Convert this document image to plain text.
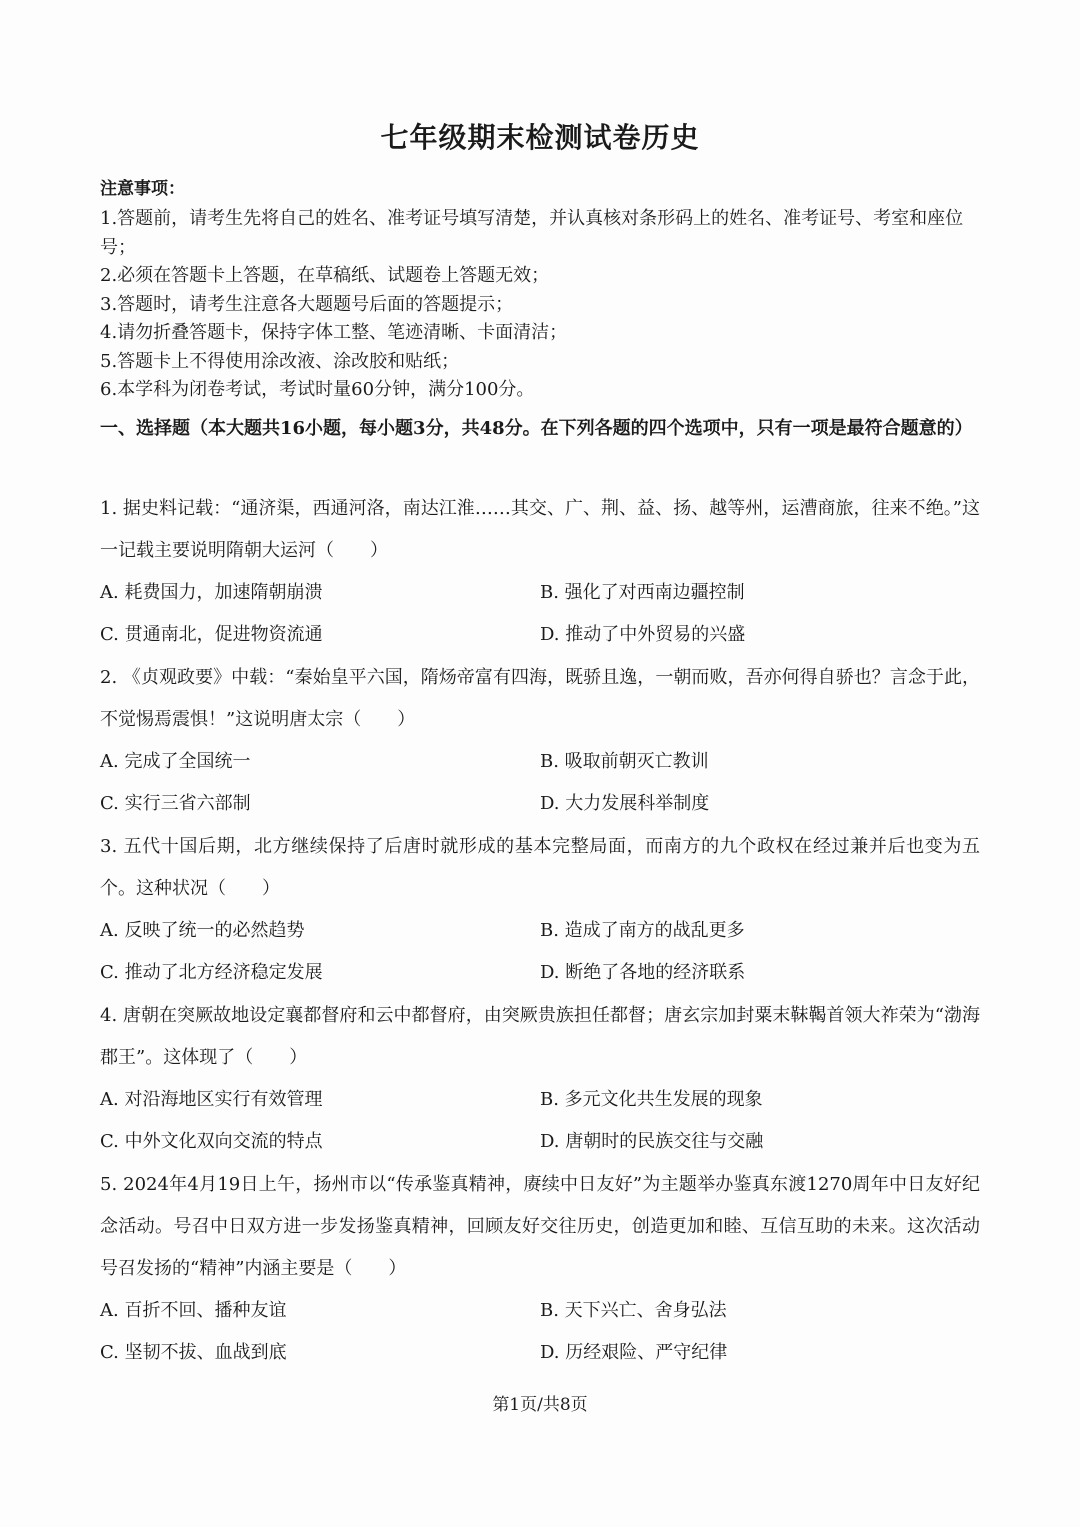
七年级期末检测试卷历史
注意事项：

1.答题前，请考生先将自己的姓名、准考证号填写清楚，并认真核对条形码上的姓名、准考证号、考室和座位号；

2.必须在答题卡上答题，在草稿纸、试题卷上答题无效；

3.答题时，请考生注意各大题题号后面的答题提示；

4.请勿折叠答题卡，保持字体工整、笔迹清晰、卡面清洁；

5.答题卡上不得使用涂改液、涂改胶和贴纸；

6.本学科为闭卷考试，考试时量60分钟，满分100分。

一、选择题（本大题共16小题，每小题3分，共48分。在下列各题的四个选项中，只有一项是最符合题意的）

1. 据史料记载：“通济渠，西通河洛，南达江淮……其交、广、荆、益、扬、越等州，运漕商旅，往来不绝。”这一记载主要说明隋朝大运河（　　）

A. 耗费国力，加速隋朝崩溃	B. 强化了对西南边疆控制
C. 贯通南北，促进物资流通	D. 推动了中外贸易的兴盛

2. 《贞观政要》中载：“秦始皇平六国，隋炀帝富有四海，既骄且逸，一朝而败，吾亦何得自骄也？言念于此，不觉惕焉震惧！”这说明唐太宗（　　）

A. 完成了全国统一	B. 吸取前朝灭亡教训
C. 实行三省六部制	D. 大力发展科举制度

3. 五代十国后期，北方继续保持了后唐时就形成的基本完整局面，而南方的九个政权在经过兼并后也变为五个。这种状况（　　）

A. 反映了统一的必然趋势	B. 造成了南方的战乱更多
C. 推动了北方经济稳定发展	D. 断绝了各地的经济联系

4. 唐朝在突厥故地设定襄都督府和云中都督府，由突厥贵族担任都督；唐玄宗加封粟末靺鞨首领大祚荣为“渤海郡王”。这体现了（　　）

A. 对沿海地区实行有效管理	B. 多元文化共生发展的现象
C. 中外文化双向交流的特点	D. 唐朝时的民族交往与交融

5. 2024年4月19日上午，扬州市以“传承鉴真精神，赓续中日友好”为主题举办鉴真东渡1270周年中日友好纪念活动。号召中日双方进一步发扬鉴真精神，回顾友好交往历史，创造更加和睦、互信互助的未来。这次活动号召发扬的“精神”内涵主要是（　　）

A. 百折不回、播种友谊	B. 天下兴亡、舍身弘法
C. 坚韧不拔、血战到底	D. 历经艰险、严守纪律
第1页/共8页
